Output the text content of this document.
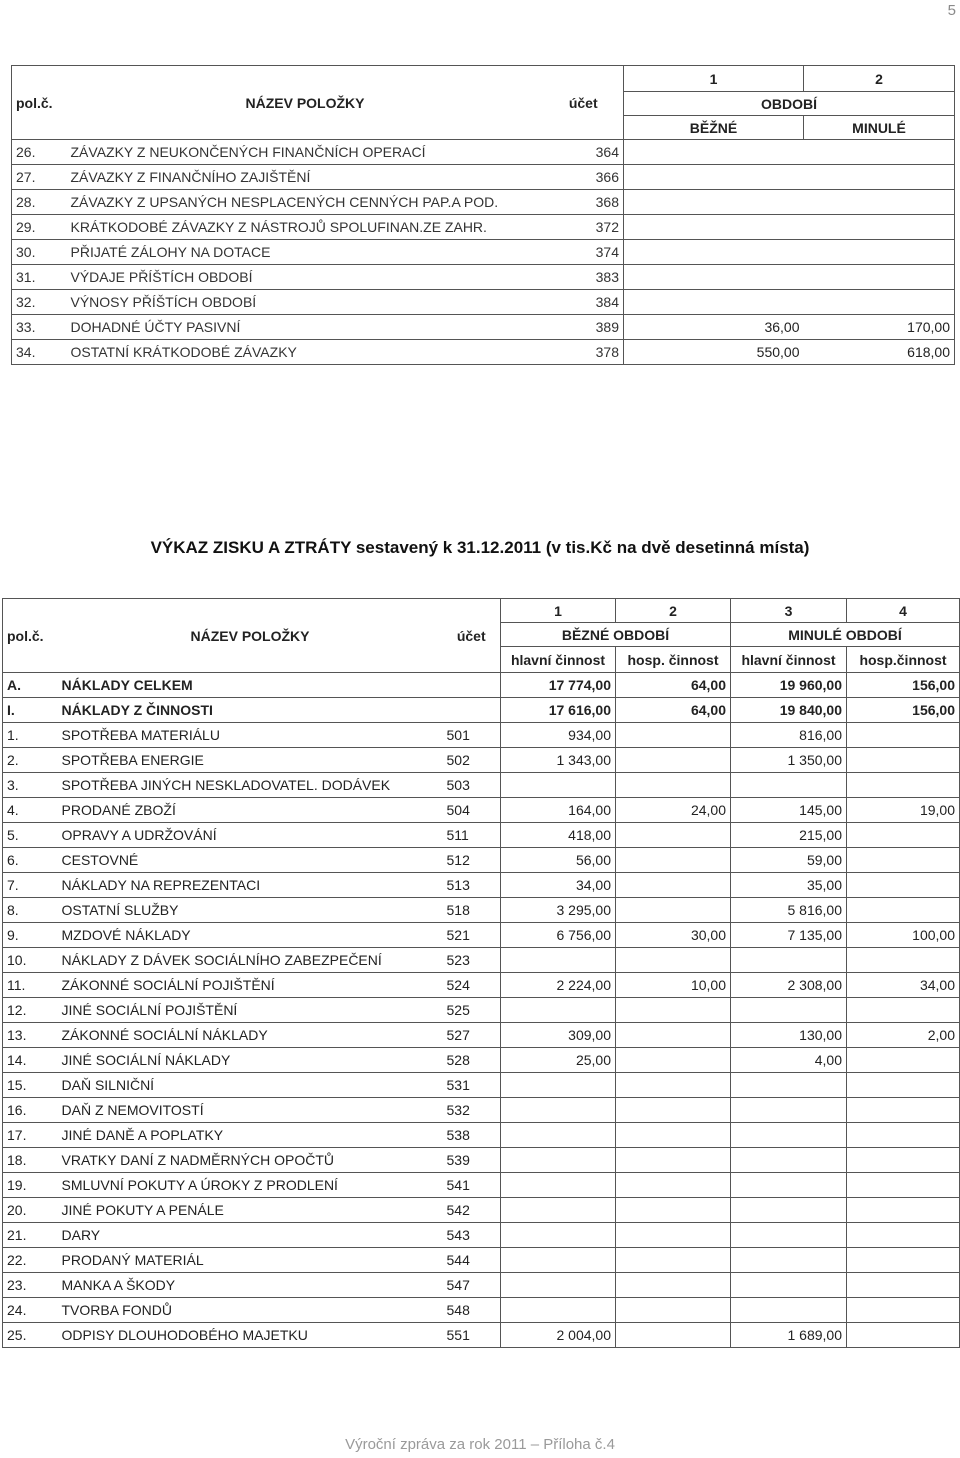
5
pol.č.	NÁZEV POLOŽKY	účet	1	2
			OBDOBÍ	
			BĚŽNÉ	MINULÉ
26.	ZÁVAZKY Z NEUKONČENÝCH FINANČNÍCH OPERACÍ	364		
27.	ZÁVAZKY Z FINANČNÍHO ZAJIŠTĚNÍ	366		
28.	ZÁVAZKY Z UPSANÝCH NESPLACENÝCH CENNÝCH PAP.A POD.	368		
29.	KRÁTKODOBÉ ZÁVAZKY Z NÁSTROJŮ SPOLUFINAN.ZE ZAHR.	372		
30.	PŘIJATÉ ZÁLOHY NA DOTACE	374		
31.	VÝDAJE PŘÍŠTÍCH OBDOBÍ	383		
32.	VÝNOSY PŘÍŠTÍCH OBDOBÍ	384		
33.	DOHADNÉ ÚČTY PASIVNÍ	389	36,00	170,00
34.	OSTATNÍ KRÁTKODOBÉ ZÁVAZKY	378	550,00	618,00
VÝKAZ ZISKU A ZTRÁTY sestavený k 31.12.2011 (v tis.Kč na dvě desetinná místa)
pol.č.	NÁZEV POLOŽKY	účet	1	2	3	4
			BĚZNÉ OBDOBÍ		MINULÉ OBDOBÍ	
			hlavní činnost	hosp. činnost	hlavní činnost	hosp.činnost
A.	NÁKLADY CELKEM		17 774,00	64,00	19 960,00	156,00
I.	NÁKLADY Z ČINNOSTI		17 616,00	64,00	19 840,00	156,00
1.	SPOTŘEBA MATERIÁLU	501	934,00		816,00	
2.	SPOTŘEBA ENERGIE	502	1 343,00		1 350,00	
3.	SPOTŘEBA JINÝCH NESKLADOVATEL. DODÁVEK	503				
4.	PRODANÉ ZBOŽÍ	504	164,00	24,00	145,00	19,00
5.	OPRAVY A UDRŽOVÁNÍ	511	418,00		215,00	
6.	CESTOVNÉ	512	56,00		59,00	
7.	NÁKLADY NA REPREZENTACI	513	34,00		35,00	
8.	OSTATNÍ SLUŽBY	518	3 295,00		5 816,00	
9.	MZDOVÉ NÁKLADY	521	6 756,00	30,00	7 135,00	100,00
10.	NÁKLADY Z DÁVEK SOCIÁLNÍHO ZABEZPEČENÍ	523				
11.	ZÁKONNÉ SOCIÁLNÍ POJIŠTĚNÍ	524	2 224,00	10,00	2 308,00	34,00
12.	JINÉ SOCIÁLNÍ POJIŠTĚNÍ	525				
13.	ZÁKONNÉ SOCIÁLNÍ NÁKLADY	527	309,00		130,00	2,00
14.	JINÉ SOCIÁLNÍ NÁKLADY	528	25,00		4,00	
15.	DAŇ SILNIČNÍ	531				
16.	DAŇ Z NEMOVITOSTÍ	532				
17.	JINÉ DANĚ A POPLATKY	538				
18.	VRATKY DANÍ Z NADMĚRNÝCH OPOČTŮ	539				
19.	SMLUVNÍ POKUTY A ÚROKY Z PRODLENÍ	541				
20.	JINÉ POKUTY A PENÁLE	542				
21.	DARY	543				
22.	PRODANÝ MATERIÁL	544				
23.	MANKA A ŠKODY	547				
24.	TVORBA FONDŮ	548				
25.	ODPISY DLOUHODOBÉHO MAJETKU	551	2 004,00		1 689,00	
Výroční zpráva za rok 2011 – Příloha č.4
